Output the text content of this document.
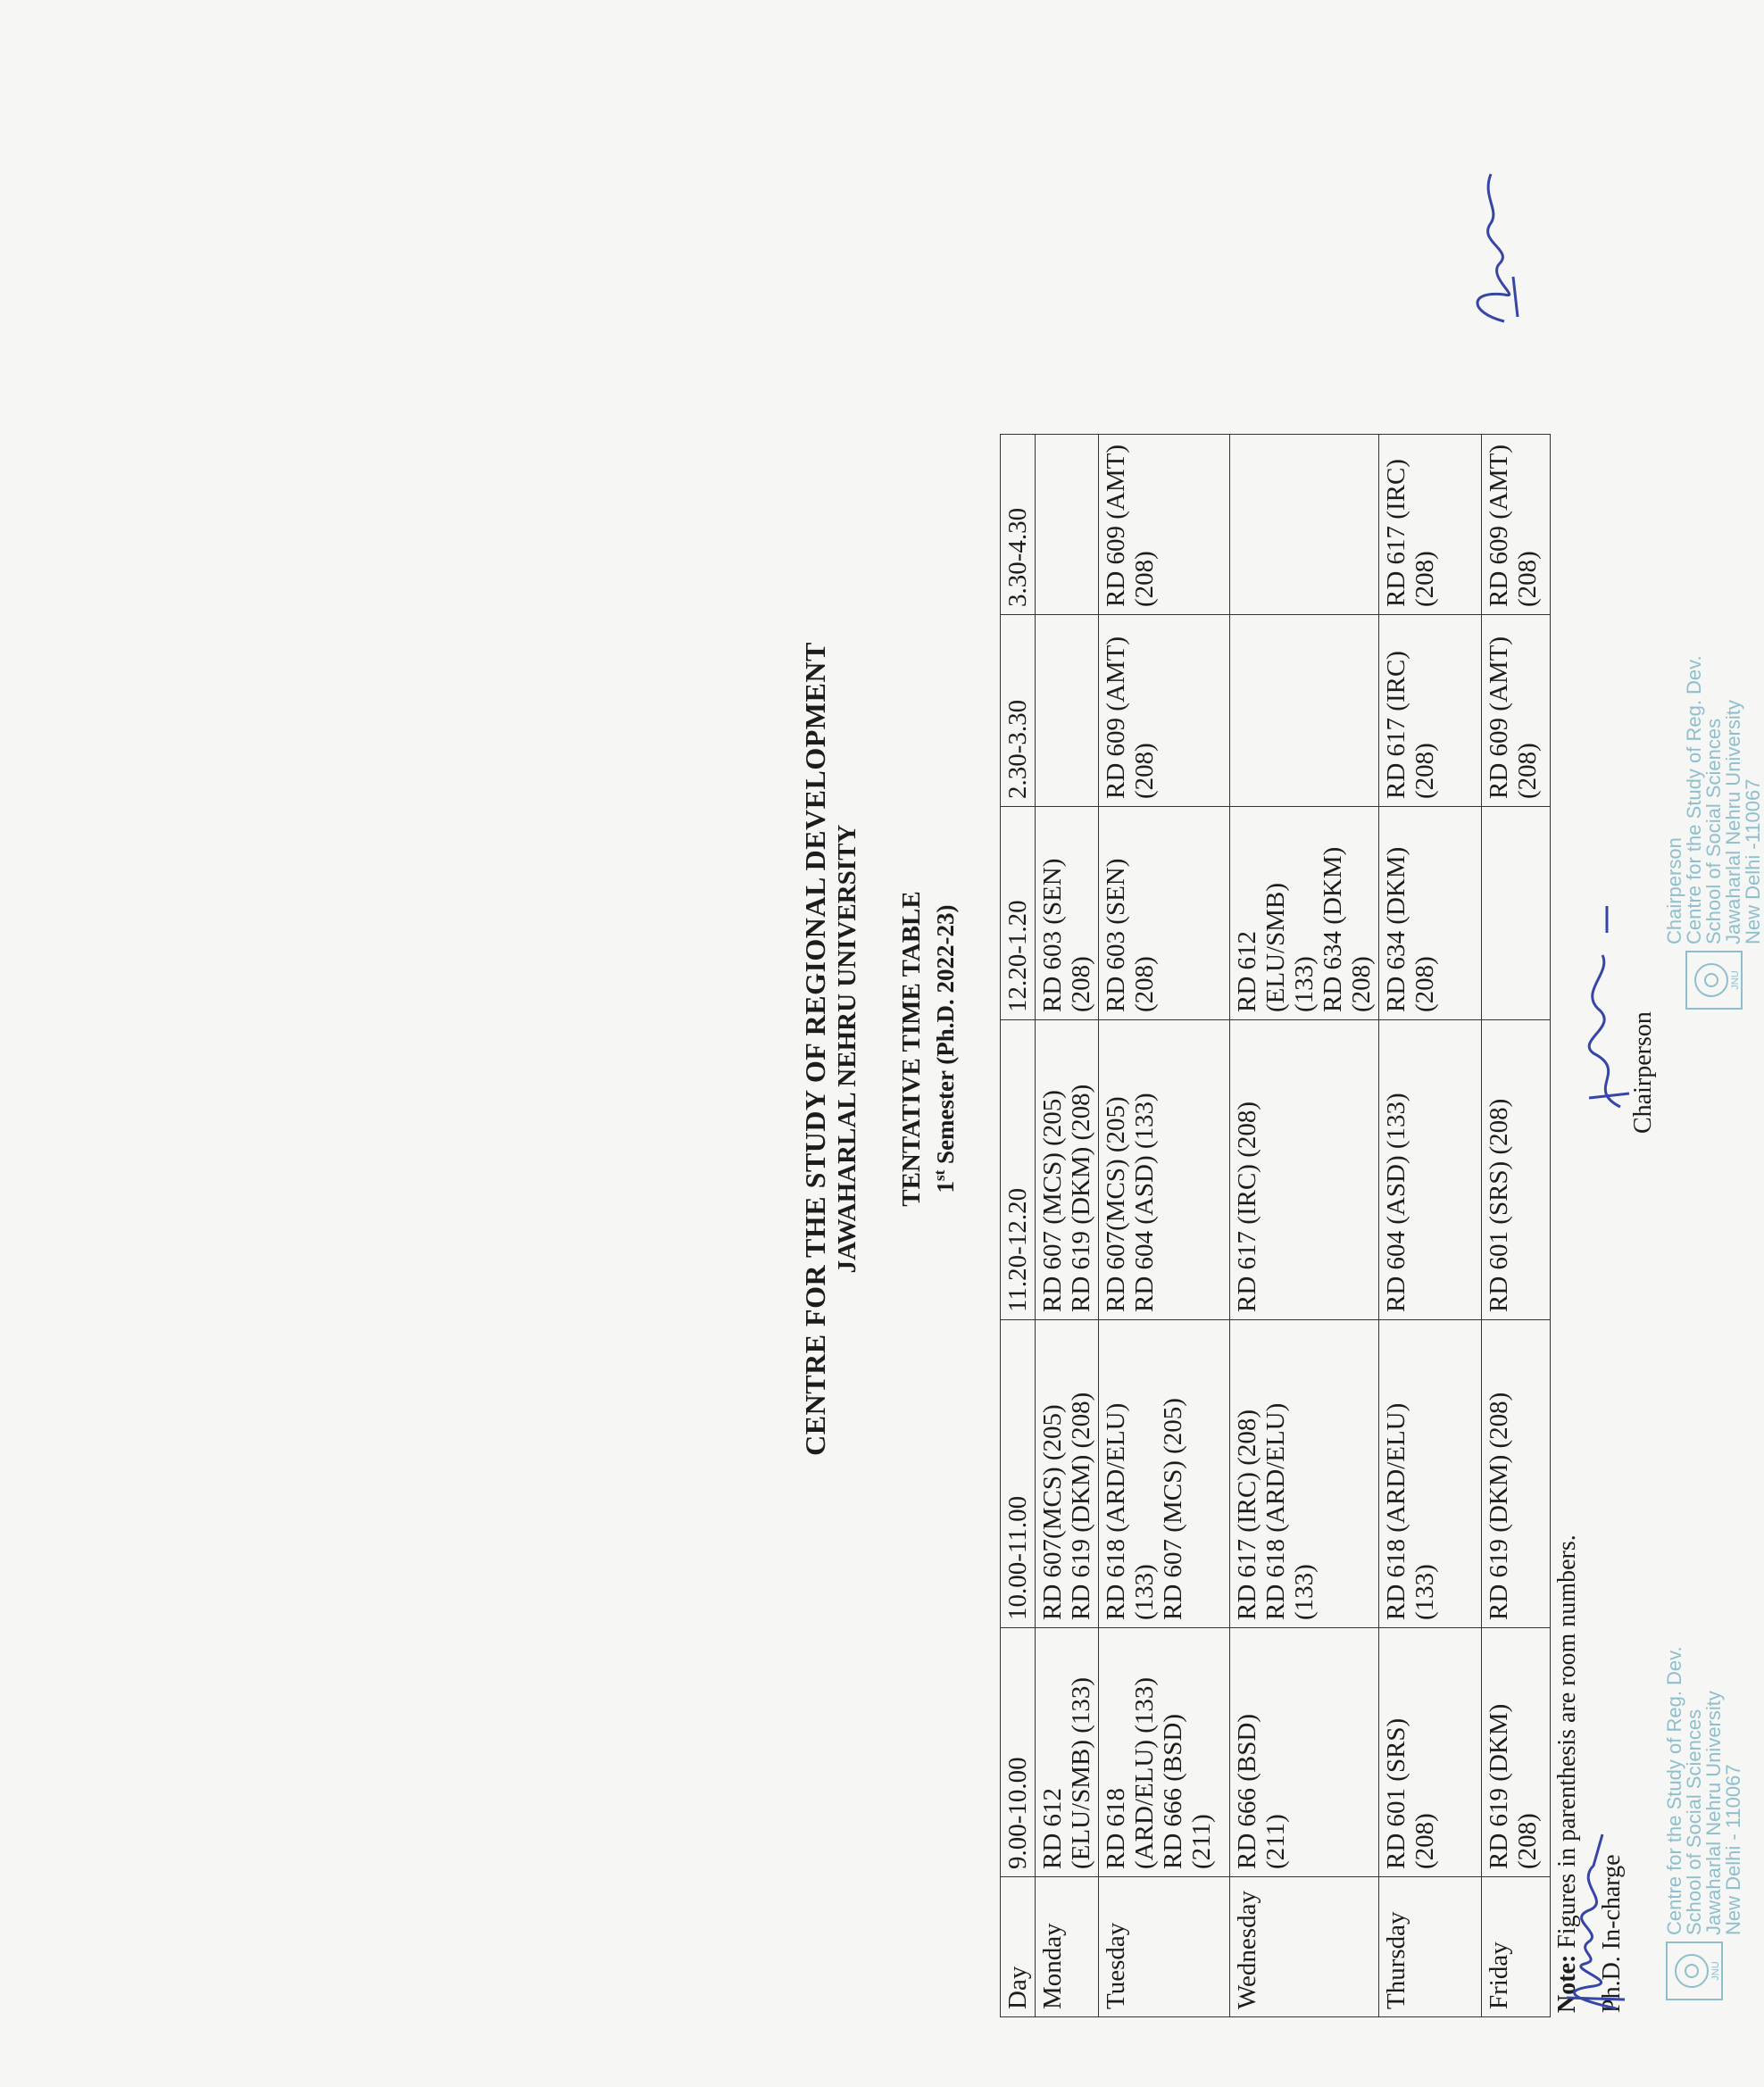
CENTRE FOR THE STUDY OF REGIONAL DEVELOPMENT JAWAHARLAL NEHRU UNIVERSITY TENTATIVE TIME TABLE 1st Semester (Ph.D. 2022-23)
Day	9.00-10.00	10.00-11.00	11.20-12.20	12.20-1.20	2.30-3.30	3.30-4.30
Monday	RD 612 (ELU/SMB) (133)	RD 607(MCS) (205) RD 619 (DKM) (208)	RD 607 (MCS) (205) RD 619 (DKM) (208)	RD 603 (SEN) (208)		

Tuesday	RD 618 (ARD/ELU) (133) RD 666 (BSD) (211)	RD 618 (ARD/ELU) (133) RD 607 (MCS) (205)	RD 607(MCS) (205) RD 604 (ASD) (133)	RD 603 (SEN) (208)	RD 609 (AMT) (208)	RD 609 (AMT) (208)

Wednesday	RD 666 (BSD) (211)	RD 617 (IRC) (208) RD 618 (ARD/ELU) (133)	RD 617 (IRC) (208)	RD 612 (ELU/SMB) (133) RD 634 (DKM) (208)		

Thursday	RD 601 (SRS) (208)	RD 618 (ARD/ELU) (133)	RD 604 (ASD) (133)	RD 634 (DKM) (208)	RD 617 (IRC) (208)	RD 617 (IRC) (208)

Friday	RD 619 (DKM) (208)	RD 619 (DKM) (208)	RD 601 (SRS) (208)		RD 609 (AMT) (208)	RD 609 (AMT) (208)
Note: Figures in parenthesis are room numbers. Ph.D. In-charge
Chairperson
JNU
Centre for the Study of Reg. Dev.
School of Social Sciences
Jawaharlal Nehru University
New Delhi - 110067
JNU
Chairperson
Centre for the Study of Reg. Dev.
School of Social Sciences
Jawaharlal Nehru University
New Delhi -110067
